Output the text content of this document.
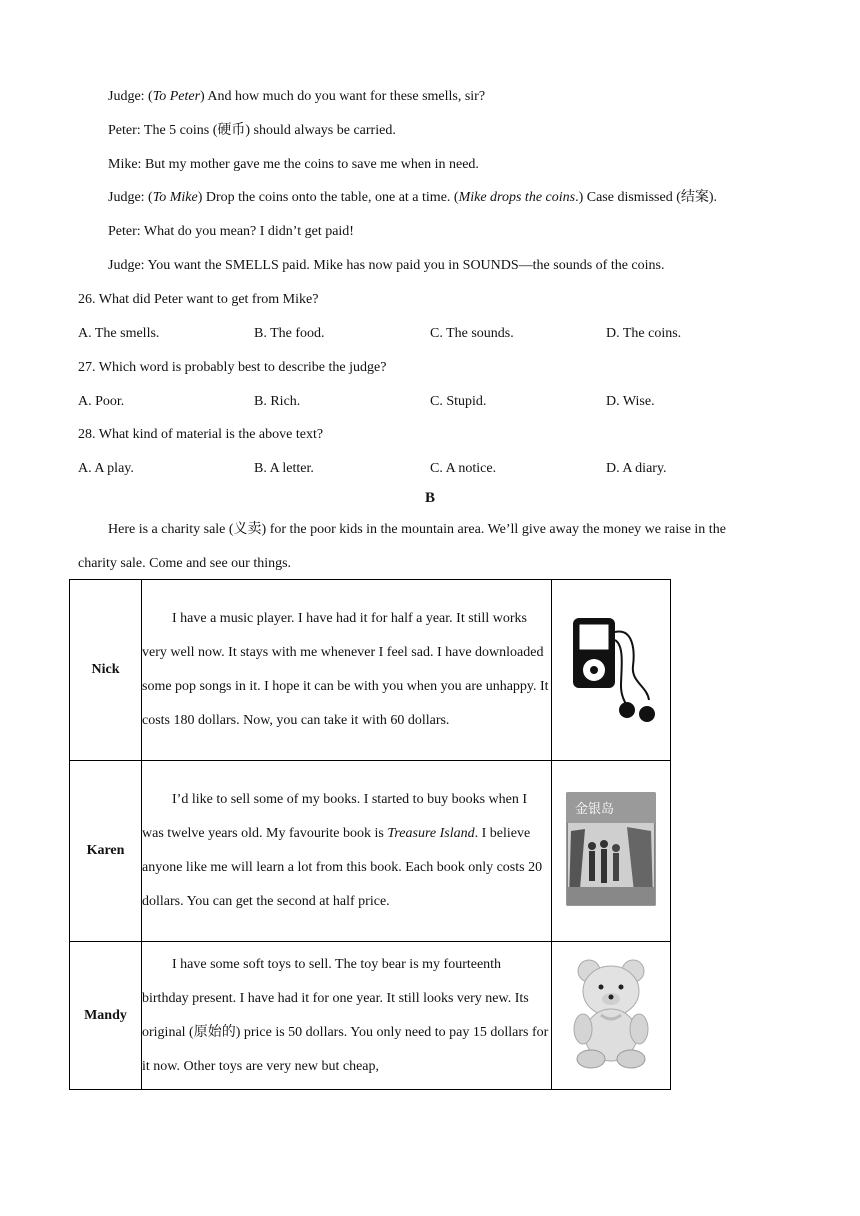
Judge: (To Peter) And how much do you want for these smells, sir?
Peter: The 5 coins (硬币) should always be carried.
Mike: But my mother gave me the coins to save me when in need.
Judge: (To Mike) Drop the coins onto the table, one at a time. (Mike drops the coins.) Case dismissed (结案).
Peter: What do you mean? I didn’t get paid!
Judge: You want the SMELLS paid. Mike has now paid you in SOUNDS—the sounds of the coins.
26. What did Peter want to get from Mike?
A. The smells.	B. The food.	C. The sounds.	D. The coins.
27. Which word is probably best to describe the judge?
A. Poor.	B. Rich.	C. Stupid.	D. Wise.
28. What kind of material is the above text?
A. A play.	B. A letter.	C. A notice.	D. A diary.
B
Here is a charity sale (义卖) for the poor kids in the mountain area. We’ll give away the money we raise in the
charity sale. Come and see our things.
Nick	I have a music player. I have had it for half a year. It still works very well now. It stays with me whenever I feel sad. I have downloaded some pop songs in it. I hope it can be with you when you are unhappy. It costs 180 dollars. Now, you can take it with 60 dollars.

Karen	I’d like to sell some of my books. I started to buy books when I was twelve years old. My favourite book is Treasure Island. I believe anyone like me will learn a lot from this book. Each book only costs 20 dollars. You can get the second at half price.	金银岛

Mandy	I have some soft toys to sell. The toy bear is my fourteenth birthday present. I have had it for one year. It still looks very new. Its original (原始的) price is 50 dollars. You only need to pay 15 dollars for it now. Other toys are very new but cheap,
